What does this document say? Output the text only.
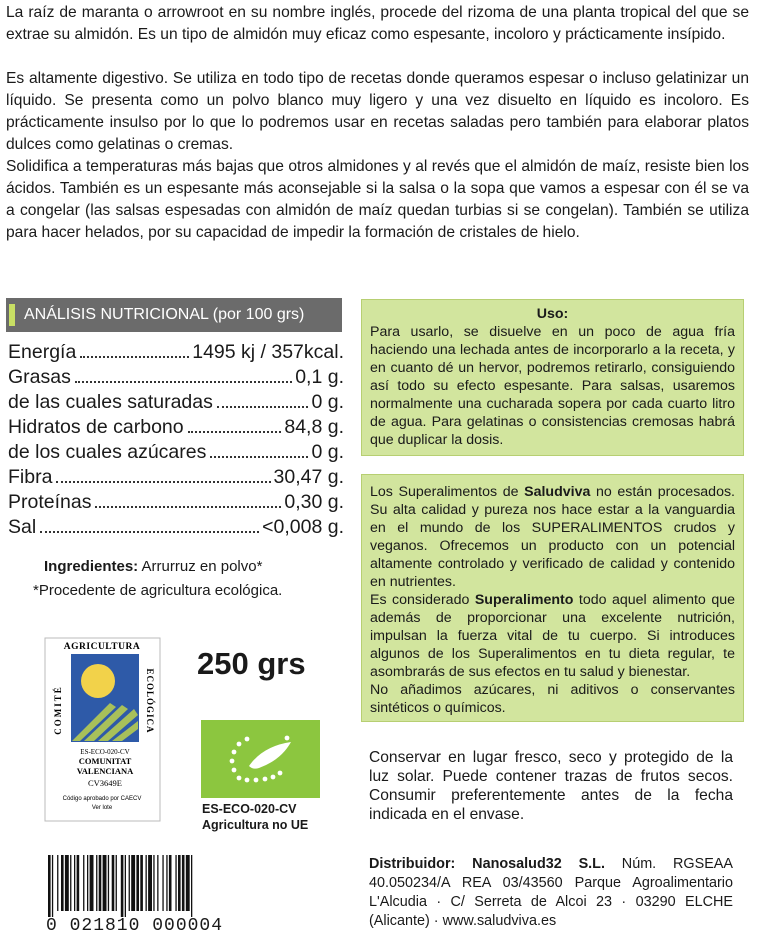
La raíz de maranta o arrowroot en su nombre inglés, procede del rizoma de una planta tropical del que se extrae su almidón. Es un tipo de almidón muy eficaz como espesante, incoloro y prácticamente insípido.

Es altamente digestivo. Se utiliza en todo tipo de recetas donde queramos espesar o incluso gelatinizar un líquido. Se presenta como un polvo blanco muy ligero y una vez disuelto en líquido es incoloro. Es prácticamente insulso por lo que lo podremos usar en recetas saladas pero también para elaborar platos dulces como gelatinas o cremas.

Solidifica a temperaturas más bajas que otros almidones y al revés que el almidón de maíz, resiste bien los ácidos. También es un espesante más aconsejable si la salsa o la sopa que vamos a espesar con él se va a congelar (las salsas espesadas con almidón de maíz quedan turbias si se congelan). También se utiliza para hacer helados, por su capacidad de impedir la formación de cristales de hielo.

ANÁLISIS NUTRICIONAL (por 100 grs)
Energía	1495 kj / 357kcal.
Grasas	0,1 g.
de las cuales saturadas	0 g.
Hidratos de carbono	84,8 g.
de los cuales azúcares	0 g.
Fibra	30,47 g.
Proteínas	0,30 g.
Sal	<0,008 g.
Ingredientes: Arrurruz en polvo*
*Procedente de agricultura ecológica.
Uso:
Para usarlo, se disuelve en un poco de agua fría haciendo una lechada antes de incorporarlo a la receta, y en cuanto dé un hervor, podremos retirarlo, consiguiendo así todo su efecto espesante. Para salsas, usaremos normalmente una cucharada sopera por cada cuarto litro de agua. Para gelatinas o consistencias cremosas habrá que duplicar la dosis.

Los Superalimentos de Saludviva no están procesados. Su alta calidad y pureza nos hace estar a la vanguardia en el mundo de los SUPERALIMENTOS crudos y veganos. Ofrecemos un producto con un potencial altamente controlado y verificado de calidad y contenido en nutrientes.

Es considerado Superalimento todo aquel alimento que además de proporcionar una excelente nutrición, impulsan la fuerza vital de tu cuerpo. Si introduces algunos de los Superalimentos en tu dieta regular, te asombrarás de sus efectos en tu salud y bienestar.

No añadimos azúcares, ni aditivos o conservantes sintéticos o químicos.

AGRICULTURA
COMITÉ	ECOLÓGICA
ES-ECO-020-CV
COMUNITAT
VALENCIANA
CV3649E
Código aprobado por CAECV
Ver lote
250 grs
ES-ECO-020-CV
Agricultura no UE
Conservar en lugar fresco, seco y protegido de la luz solar. Puede contener trazas de frutos secos. Consumir preferentemente antes de la fecha indicada en el envase.
Distribuidor: Nanosalud32 S.L. Núm. RGSEAA 40.050234/A REA 03/43560 Parque Agroalimentario L'Alcudia · C/ Serreta de Alcoi 23 · 03290 ELCHE (Alicante) · www.saludviva.es
0 021810 000004
